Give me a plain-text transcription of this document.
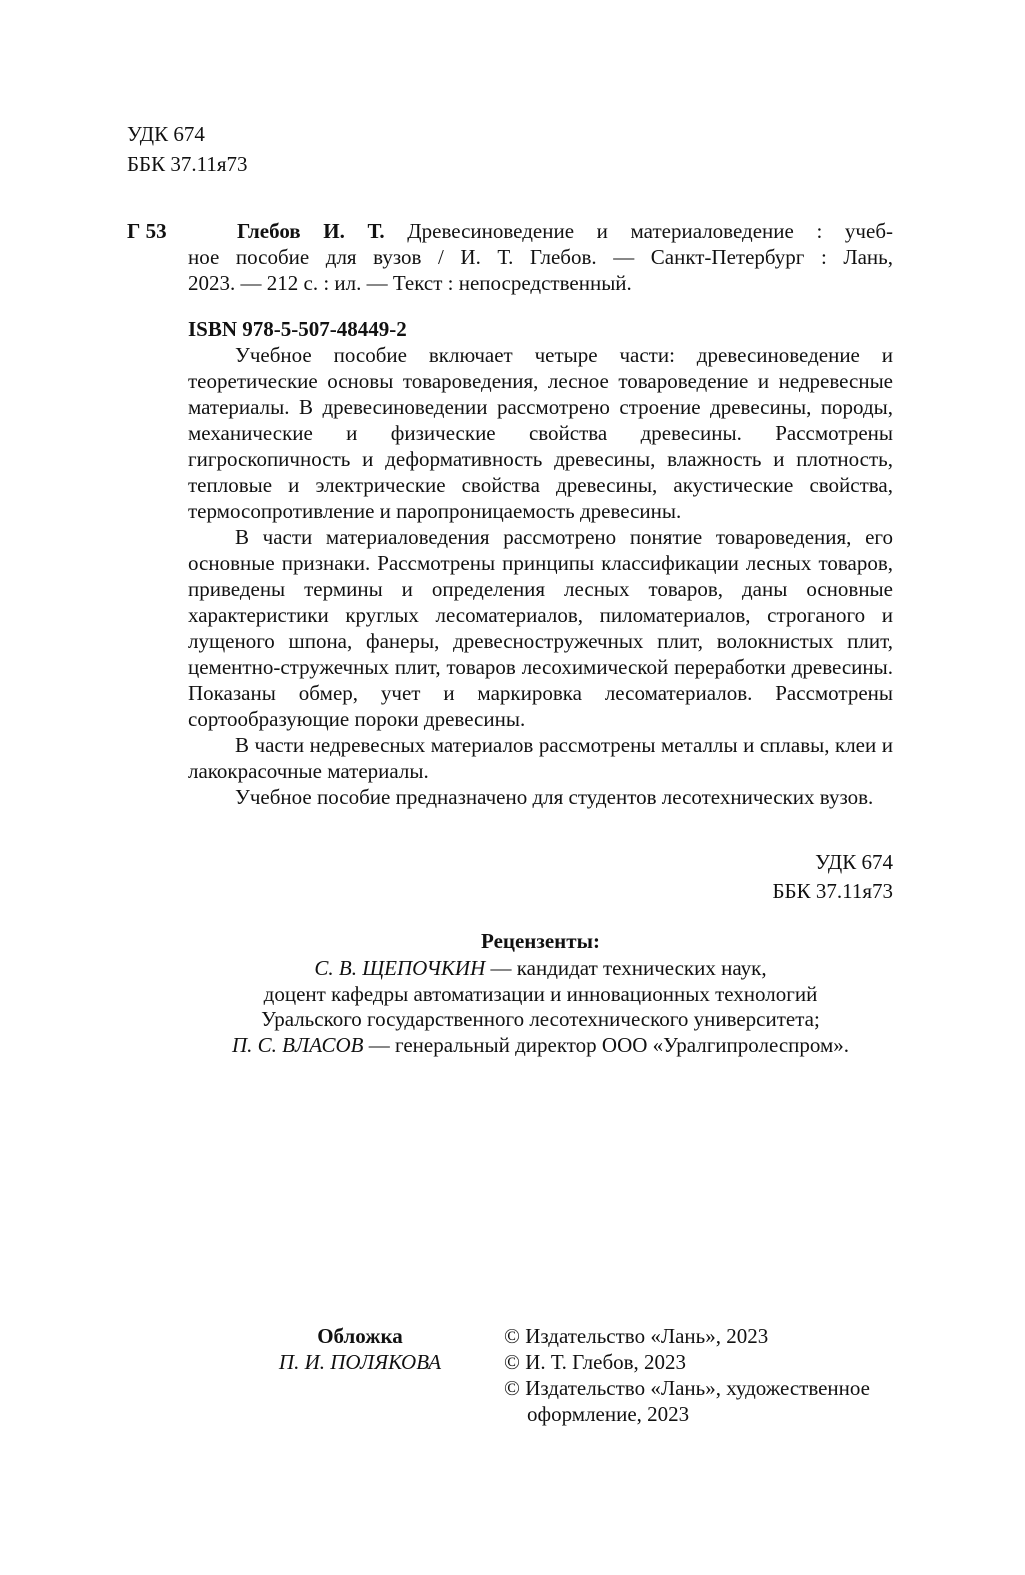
УДК 674
ББК 37.11я73
Г 53	Глебов И. Т. Древесиноведение и материаловедение : учеб-
ное пособие для вузов / И. Т. Глебов. — Санкт-Петербург : Лань,
2023. — 212 с. : ил. — Текст : непосредственный.
ISBN 978-5-507-48449-2

Учебное пособие включает четыре части: древесиноведение и теоретические основы товароведения, лесное товароведение и недревесные материалы. В древесиноведении рассмотрено строение древесины, породы, механические и физические свойства древесины. Рассмотрены гигроскопичность и деформативность древесины, влажность и плотность, тепловые и электрические свойства древесины, акустические свойства, термосопротивление и паропроницаемость древесины.

В части материаловедения рассмотрено понятие товароведения, его основные признаки. Рассмотрены принципы классификации лесных товаров, приведены термины и определения лесных товаров, даны основные характеристики круглых лесоматериалов, пиломатериалов, строганого и лущеного шпона, фанеры, древесностружечных плит, волокнистых плит, цементно-стружечных плит, товаров лесохимической переработки древесины. Показаны обмер, учет и маркировка лесоматериалов. Рассмотрены сортообразующие пороки древесины.

В части недревесных материалов рассмотрены металлы и сплавы, клеи и лакокрасочные материалы.

Учебное пособие предназначено для студентов лесотехнических вузов.

УДК 674
ББК 37.11я73
Рецензенты:
С. В. ЩЕПОЧКИН — кандидат технических наук,
доцент кафедры автоматизации и инновационных технологий
Уральского государственного лесотехнического университета;
П. С. ВЛАСОВ — генеральный директор ООО «Уралгипролеспром».
Обложка
П. И. ПОЛЯКОВА
© Издательство «Лань», 2023
© И. Т. Глебов, 2023
© Издательство «Лань», художественное
оформление, 2023
